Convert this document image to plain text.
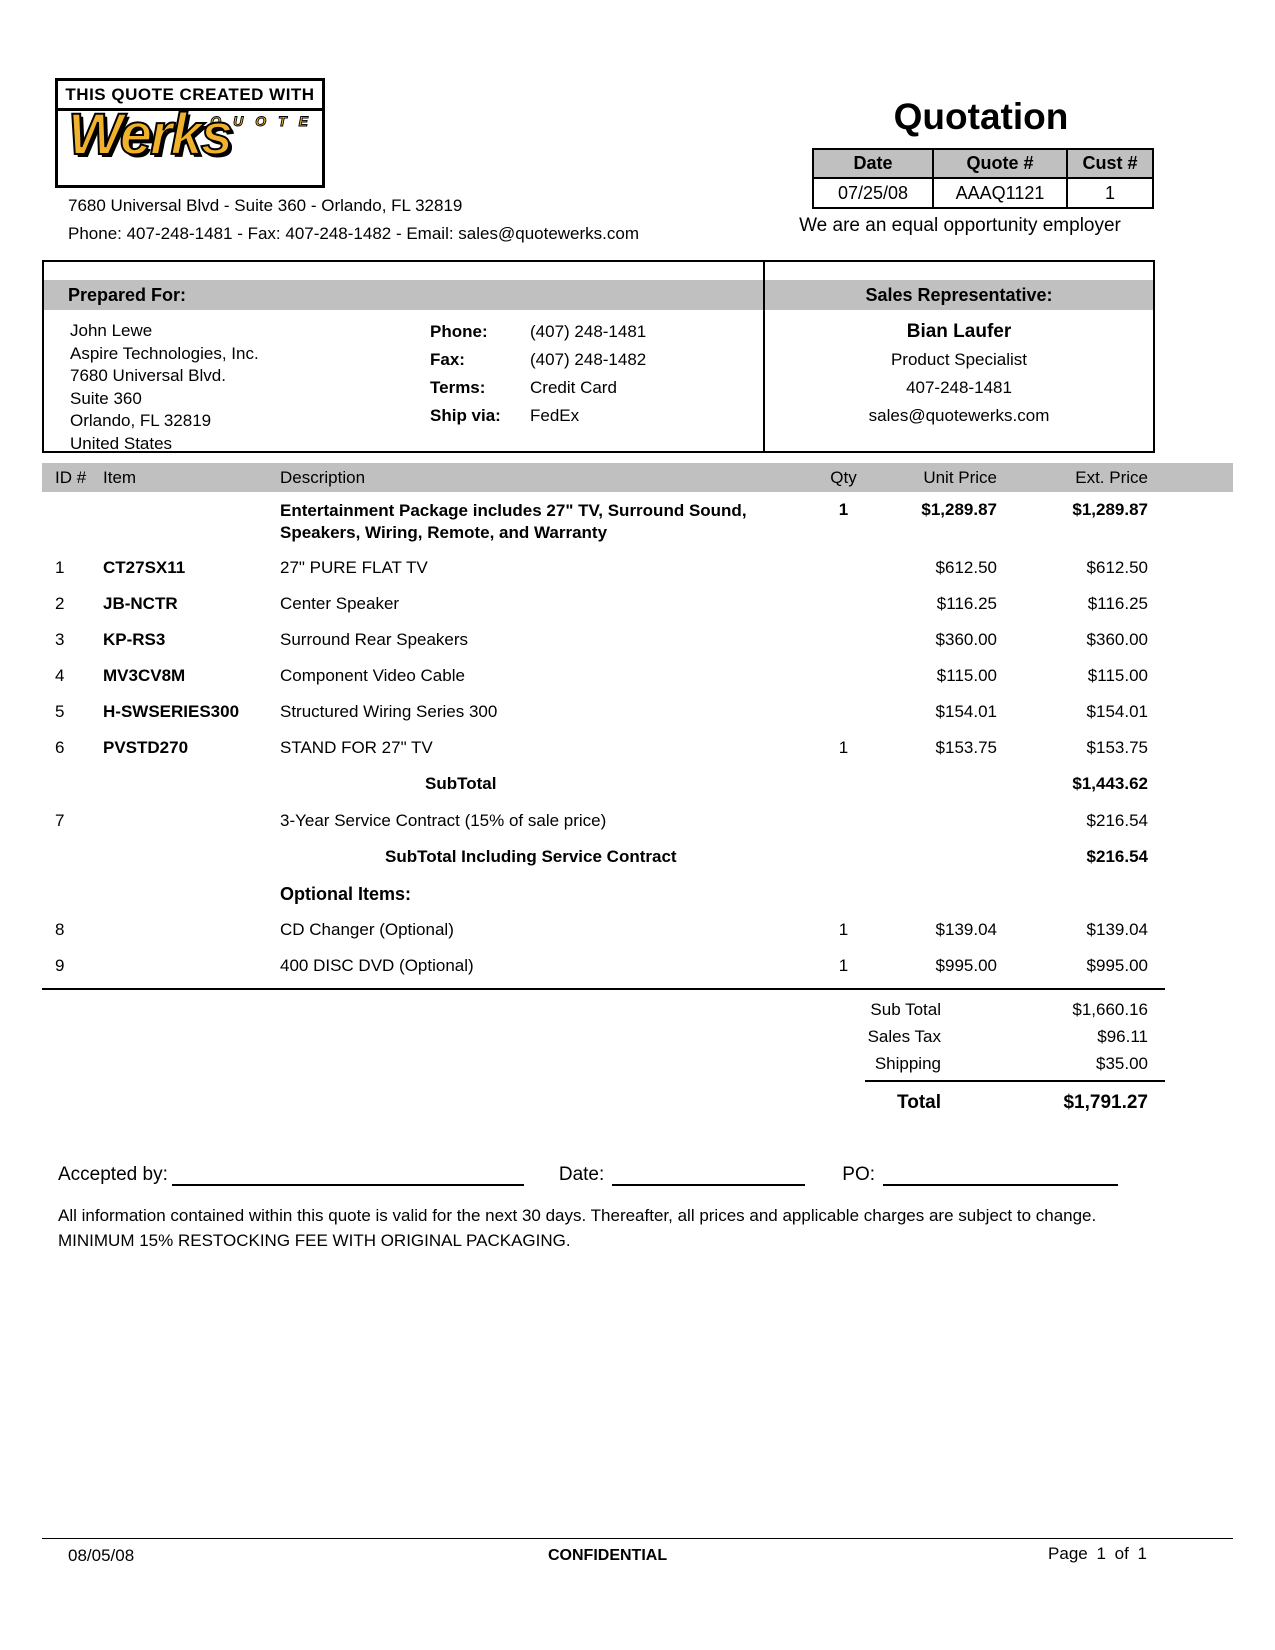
THIS QUOTE CREATED WITH
QUOTE
Werks
7680 Universal Blvd - Suite 360 - Orlando, FL 32819
Phone: 407-248-1481 - Fax: 407-248-1482 - Email: sales@quotewerks.com
Quotation
Date	Quote #	Cust #
07/25/08	AAAQ1121	1
We are an equal opportunity employer
Prepared For:
John Lewe
Aspire Technologies, Inc.
7680 Universal Blvd.
Suite 360
Orlando, FL 32819
United States
Phone:	(407) 248-1481
Fax:	(407) 248-1482
Terms:	Credit Card
Ship via:	FedEx
Sales Representative:
Bian Laufer
Product Specialist
407-248-1481
sales@quotewerks.com
ID # Item	Description	Qty	Unit Price	Ext. Price
Entertainment Package includes 27" TV, Surround Sound,
Speakers, Wiring, Remote, and Warranty
1	$1,289.87	$1,289.87
1	CT27SX11	27" PURE FLAT TV	$612.50	$612.50
2	JB-NCTR	Center Speaker	$116.25	$116.25
3	KP-RS3	Surround Rear Speakers	$360.00	$360.00
4	MV3CV8M	Component Video Cable	$115.00	$115.00
5	H-SWSERIES300	Structured Wiring Series 300	$154.01	$154.01
6	PVSTD270	STAND FOR 27" TV	1	$153.75	$153.75
SubTotal	$1,443.62
7	3-Year Service Contract (15% of sale price)	$216.54
SubTotal Including Service Contract	$216.54
Optional Items:
8	CD Changer (Optional)	1	$139.04	$139.04
9	400 DISC DVD (Optional)	1	$995.00	$995.00
Sub Total	$1,660.16
Sales Tax	$96.11
Shipping	$35.00
Total	$1,791.27
Accepted by:	Date:	PO:
All information contained within this quote is valid for the next 30 days. Thereafter, all prices and applicable charges are subject to change.
MINIMUM 15% RESTOCKING FEE WITH ORIGINAL PACKAGING.
08/05/08	CONFIDENTIAL	Page 1 of 1
